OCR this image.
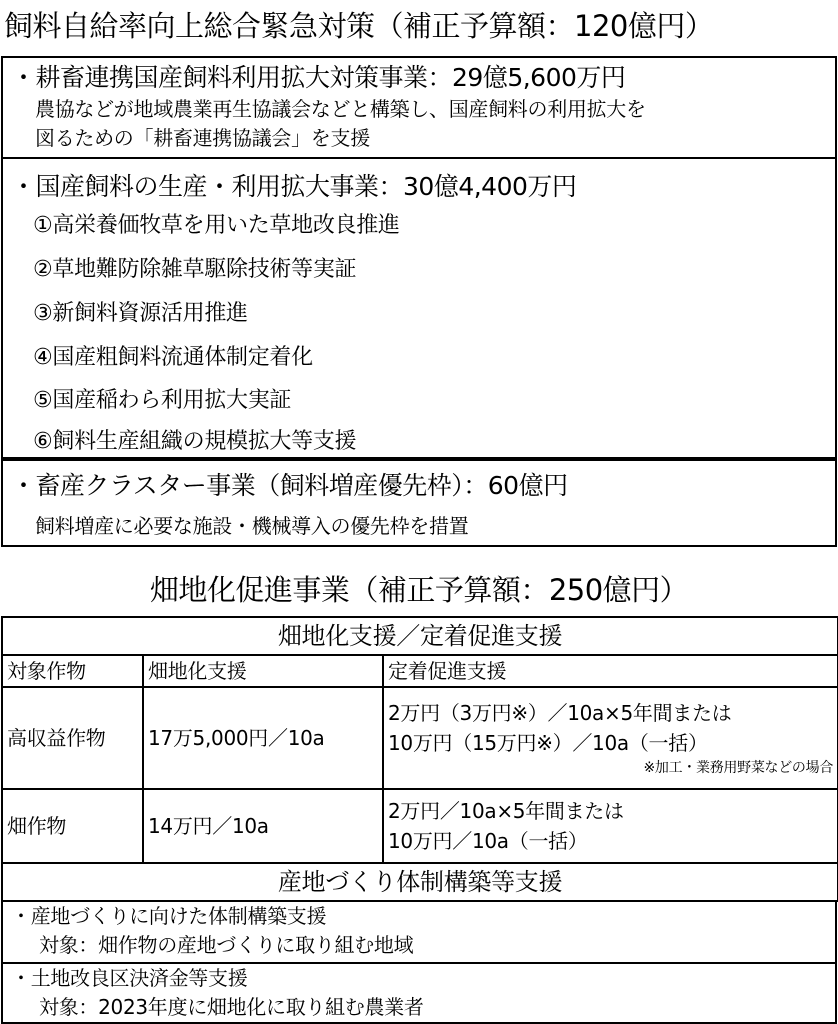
飼料自給率向上総合緊急対策（補正予算額：120億円）
・耕畜連携国産飼料利用拡大対策事業：29億5,600万円
農協などが地域農業再生協議会などと構築し、国産飼料の利用拡大を
図るための「耕畜連携協議会」を支援
・国産飼料の生産・利用拡大事業：30億4,400万円
①高栄養価牧草を用いた草地改良推進
②草地難防除雑草駆除技術等実証
③新飼料資源活用推進
④国産粗飼料流通体制定着化
⑤国産稲わら利用拡大実証
⑥飼料生産組織の規模拡大等支援
・畜産クラスター事業（飼料増産優先枠）：60億円
飼料増産に必要な施設・機械導入の優先枠を措置
畑地化促進事業（補正予算額：250億円）
畑地化支援／定着促進支援		
対象作物	畑地化支援	定着促進支援
高収益作物	17万5,000円／10a	2万円（3万円※）／10a×5年間または
10万円（15万円※）／10a（一括）
※加工・業務用野菜などの場合

畑作物	14万円／10a	2万円／10a×5年間または
10万円／10a（一括）

産地づくり体制構築等支援		
・産地づくりに向けた体制構築支援
対象：畑作物の産地づくりに取り組む地域
・土地改良区決済金等支援
対象：2023年度に畑地化に取り組む農業者
